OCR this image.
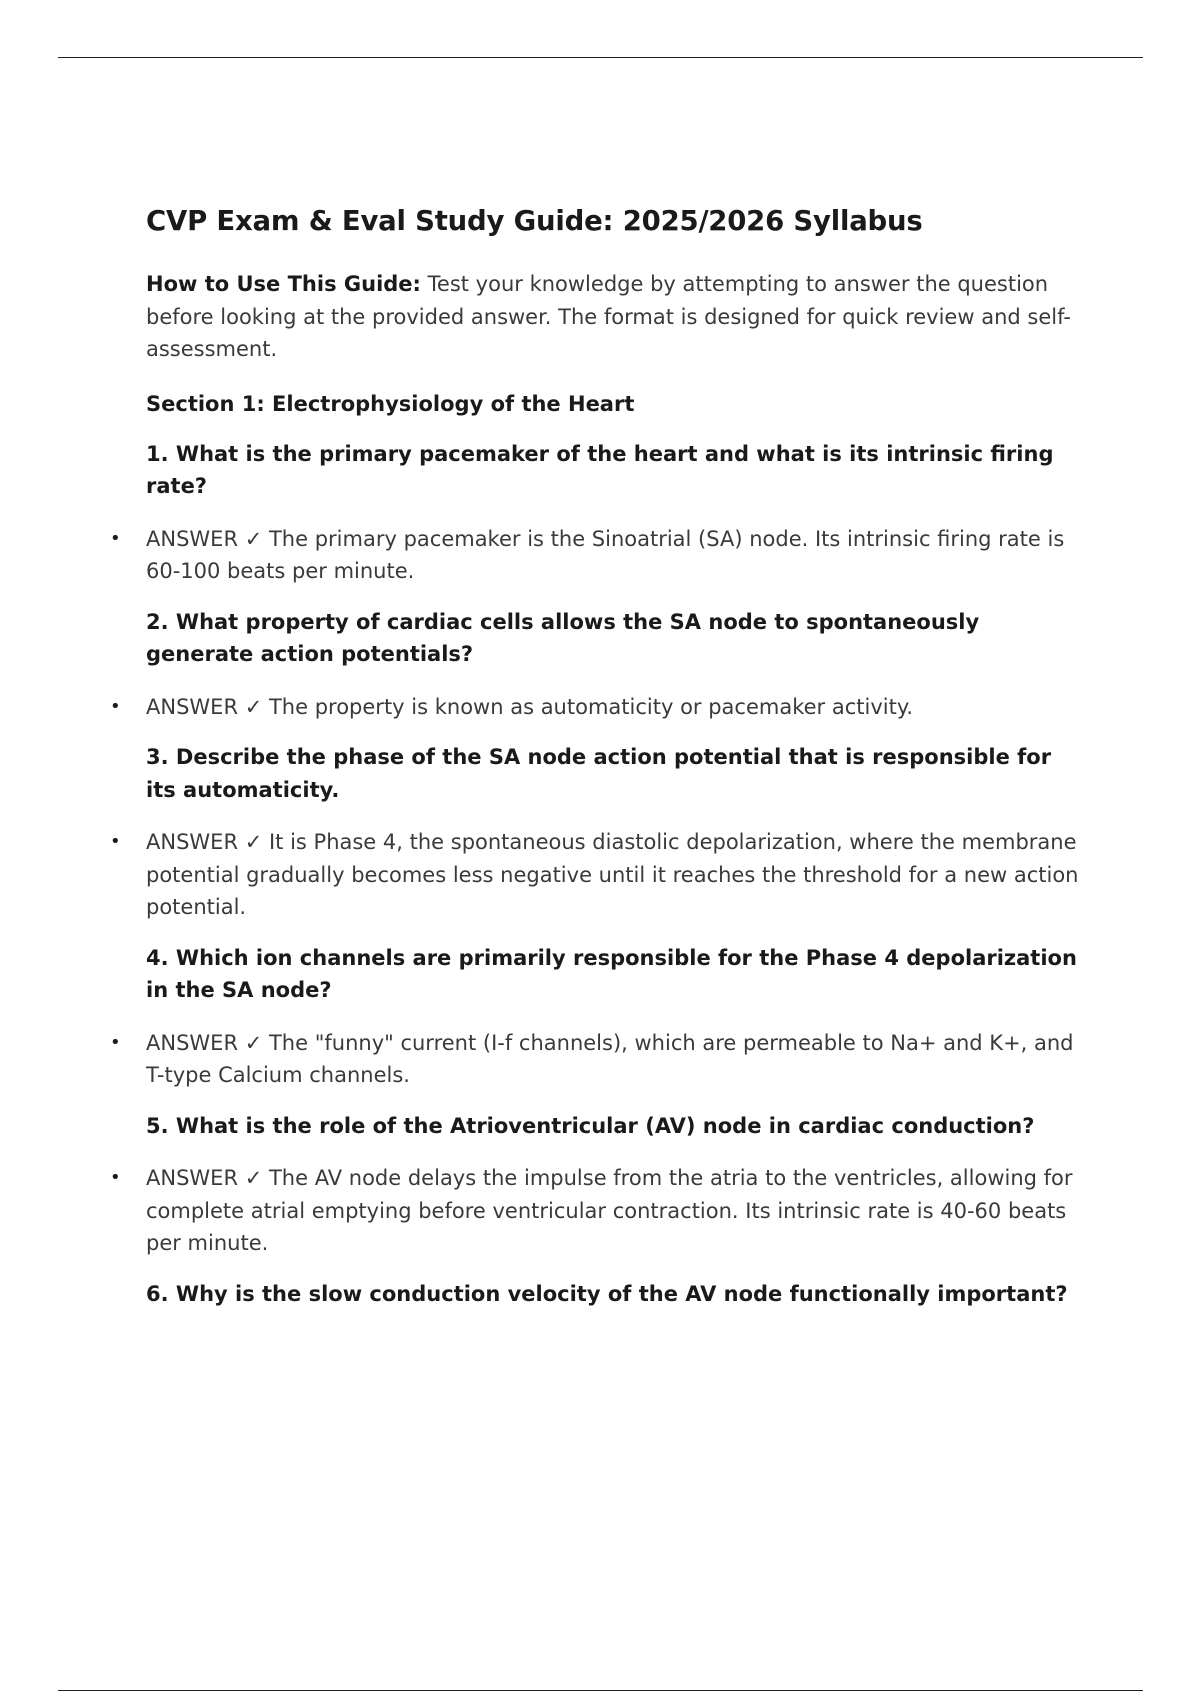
CVP Exam & Eval Study Guide: 2025/2026 Syllabus

How to Use This Guide: Test your knowledge by attempting to answer the question before looking at the provided answer. The format is designed for quick review and self-assessment.

Section 1: Electrophysiology of the Heart
1. What is the primary pacemaker of the heart and what is its intrinsic firing rate?
• ANSWER ✓ The primary pacemaker is the Sinoatrial (SA) node. Its intrinsic firing rate is 60-100 beats per minute.
2. What property of cardiac cells allows the SA node to spontaneously generate action potentials?
• ANSWER ✓ The property is known as automaticity or pacemaker activity.
3. Describe the phase of the SA node action potential that is responsible for its automaticity.
• ANSWER ✓ It is Phase 4, the spontaneous diastolic depolarization, where the membrane potential gradually becomes less negative until it reaches the threshold for a new action potential.
4. Which ion channels are primarily responsible for the Phase 4 depolarization in the SA node?
• ANSWER ✓ The "funny" current (I-f channels), which are permeable to Na+ and K+, and T-type Calcium channels.
5. What is the role of the Atrioventricular (AV) node in cardiac conduction?
• ANSWER ✓ The AV node delays the impulse from the atria to the ventricles, allowing for complete atrial emptying before ventricular contraction. Its intrinsic rate is 40-60 beats per minute.
6. Why is the slow conduction velocity of the AV node functionally important?
